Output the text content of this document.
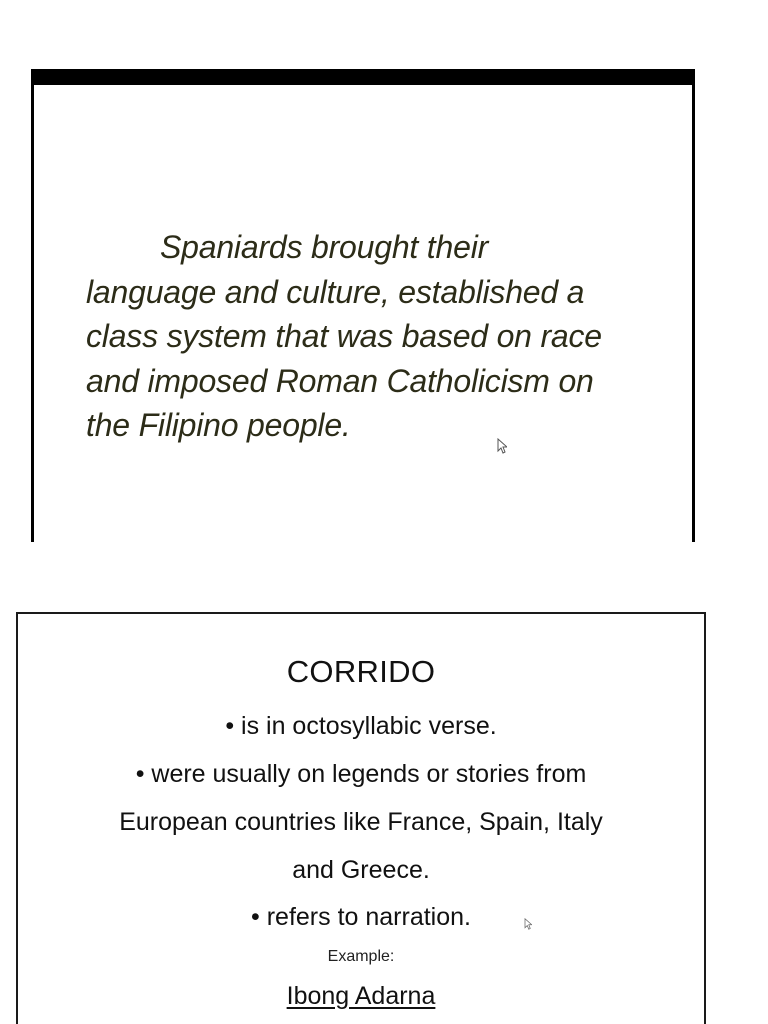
Spaniards brought their
language and culture, established a
class system that was based on race
and imposed Roman Catholicism on
the Filipino people.

CORRIDO
• is in octosyllabic verse.
• were usually on legends or stories from
European countries like France, Spain, Italy
and Greece.
• refers to narration.
Example:
Ibong Adarna
